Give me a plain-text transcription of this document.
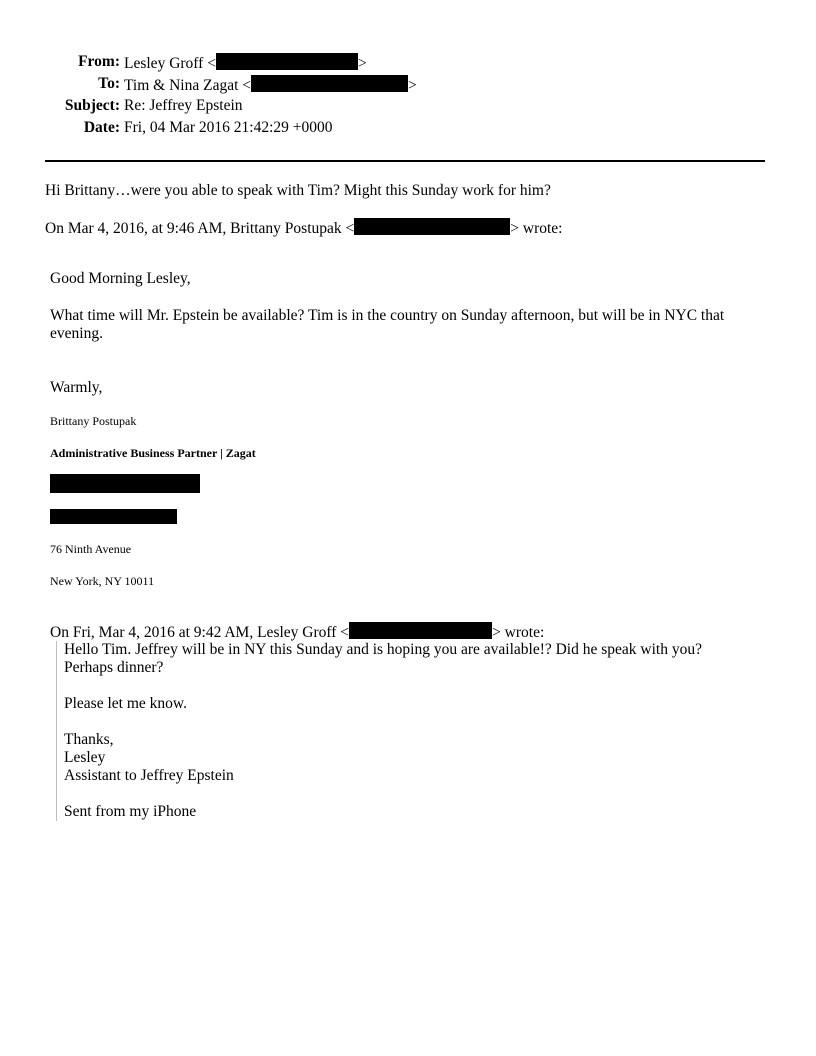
From: Lesley Groff <	>
To: Tim & Nina Zagat <	>
Subject: Re: Jeffrey Epstein
Date: Fri, 04 Mar 2016 21:42:29 +0000
Hi Brittany…were you able to speak with Tim? Might this Sunday work for him?
On Mar 4, 2016, at 9:46 AM, Brittany Postupak <	> wrote:
Good Morning Lesley,
What time will Mr. Epstein be available? Tim is in the country on Sunday afternoon, but will be in NYC that evening.
Warmly,
Brittany Postupak
Administrative Business Partner | Zagat
76 Ninth Avenue
New York, NY 10011
On Fri, Mar 4, 2016 at 9:42 AM, Lesley Groff <	> wrote:
Hello Tim. Jeffrey will be in NY this Sunday and is hoping you are available!? Did he speak with you?
Perhaps dinner?
Please let me know.
Thanks,
Lesley
Assistant to Jeffrey Epstein
Sent from my iPhone
